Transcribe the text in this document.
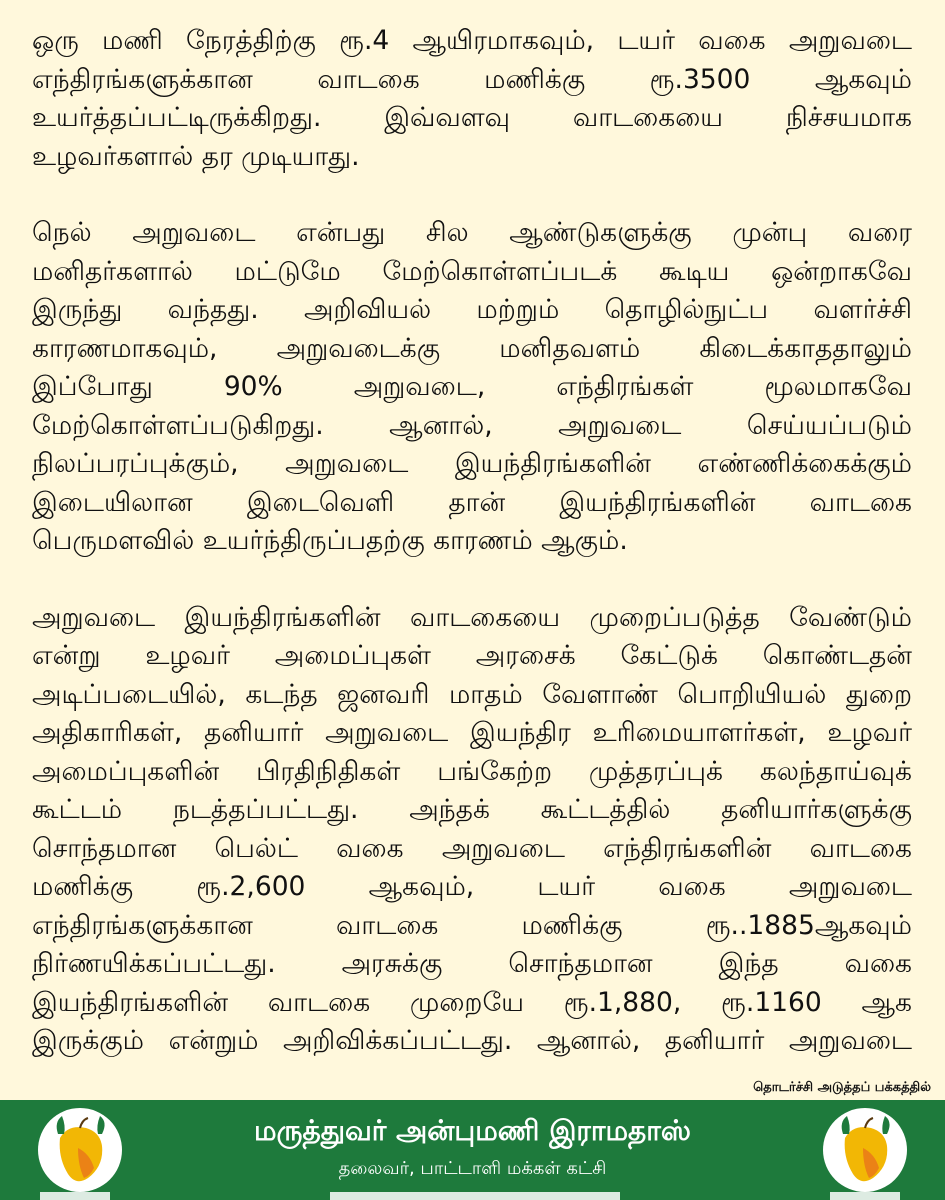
ஒரு மணி நேரத்திற்கு ரூ.4 ஆயிரமாகவும், டயர் வகை அறுவடை
எந்திரங்களுக்கான வாடகை மணிக்கு ரூ.3500 ஆகவும்
உயர்த்தப்பட்டிருக்கிறது. இவ்வளவு வாடகையை நிச்சயமாக
உழவர்களால் தர முடியாது.

நெல் அறுவடை என்பது சில ஆண்டுகளுக்கு முன்பு வரை
மனிதர்களால் மட்டுமே மேற்கொள்ளப்படக் கூடிய ஒன்றாகவே
இருந்து வந்தது. அறிவியல் மற்றும் தொழில்நுட்ப வளர்ச்சி
காரணமாகவும், அறுவடைக்கு மனிதவளம் கிடைக்காததாலும்
இப்போது 90% அறுவடை, எந்திரங்கள் மூலமாகவே
மேற்கொள்ளப்படுகிறது. ஆனால், அறுவடை செய்யப்படும்
நிலப்பரப்புக்கும், அறுவடை இயந்திரங்களின் எண்ணிக்கைக்கும்
இடையிலான இடைவெளி தான் இயந்திரங்களின் வாடகை
பெருமளவில் உயர்ந்திருப்பதற்கு காரணம் ஆகும்.

அறுவடை இயந்திரங்களின் வாடகையை முறைப்படுத்த வேண்டும்
என்று உழவர் அமைப்புகள் அரசைக் கேட்டுக் கொண்டதன்
அடிப்படையில், கடந்த ஜனவரி மாதம் வேளாண் பொறியியல் துறை
அதிகாரிகள், தனியார் அறுவடை இயந்திர உரிமையாளர்கள், உழவர்
அமைப்புகளின் பிரதிநிதிகள் பங்கேற்ற முத்தரப்புக் கலந்தாய்வுக்
கூட்டம் நடத்தப்பட்டது. அந்தக் கூட்டத்தில் தனியார்களுக்கு
சொந்தமான பெல்ட் வகை அறுவடை எந்திரங்களின் வாடகை
மணிக்கு ரூ.2,600 ஆகவும், டயர் வகை அறுவடை
எந்திரங்களுக்கான வாடகை மணிக்கு ரூ..1885ஆகவும்
நிர்ணயிக்கப்பட்டது. அரசுக்கு சொந்தமான இந்த வகை
இயந்திரங்களின் வாடகை முறையே ரூ.1,880, ரூ.1160 ஆக
இருக்கும் என்றும் அறிவிக்கப்பட்டது. ஆனால், தனியார் அறுவடை

தொடர்ச்சி அடுத்தப் பக்கத்தில்
மருத்துவர் அன்புமணி இராமதாஸ்
தலைவர், பாட்டாளி மக்கள் கட்சி
